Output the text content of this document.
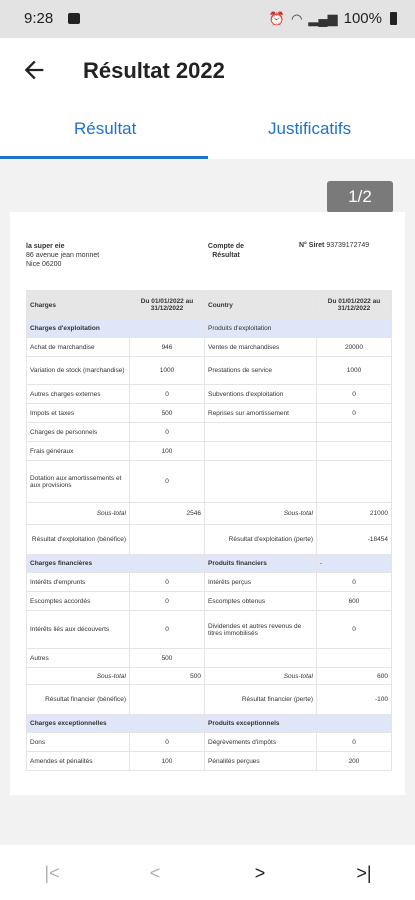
9:28	⏰ ◠ ▂▄▆ 100%
Résultat 2022
Résultat	Justificatifs
1/2
la super eie
86 avenue jean monnet
Nice 06200
Compte de
Résultat
N° Siret 93739172749
Charges	Du 01/01/2022 au 31/12/2022	Country	Du 01/01/2022 au 31/12/2022
Charges d'exploitation		Produits d'exploitation	
Achat de marchandise	946	Ventes de marchandises	20000
Variation de stock (marchandise)	1000	Prestations de service	1000
Autres charges externes	0	Subventions d'exploitation	0
Impots et taxes	500	Reprises sur amortissement	0
Charges de personnels	0		
Frais généraux	100		
Dotation aux amortissements et aux provisions	0		
Sous-total	2546	Sous-total	21000
Résultat d'exploitation (bénéfice)		Résultat d'exploitation (perte)	-18454
Charges financières		Produits financiers	-
Intérêts d'emprunts	0	Intérêts perçus	0
Escomptes accordés	0	Escomptes obtenus	600
Intérêts liés aux découverts	0	Dividendes et autres revenus de titres immobilisés	0
Autres	500		
Sous-total	500	Sous-total	600
Résultat financier (bénéfice)		Résultat financier (perte)	-100
Charges exceptionnelles		Produits exceptionnels	
Dons	0	Dégrèvements d'impôts	0
Amendes et pénalités	100	Pénalités perçues	200
|<	<	>	>|
